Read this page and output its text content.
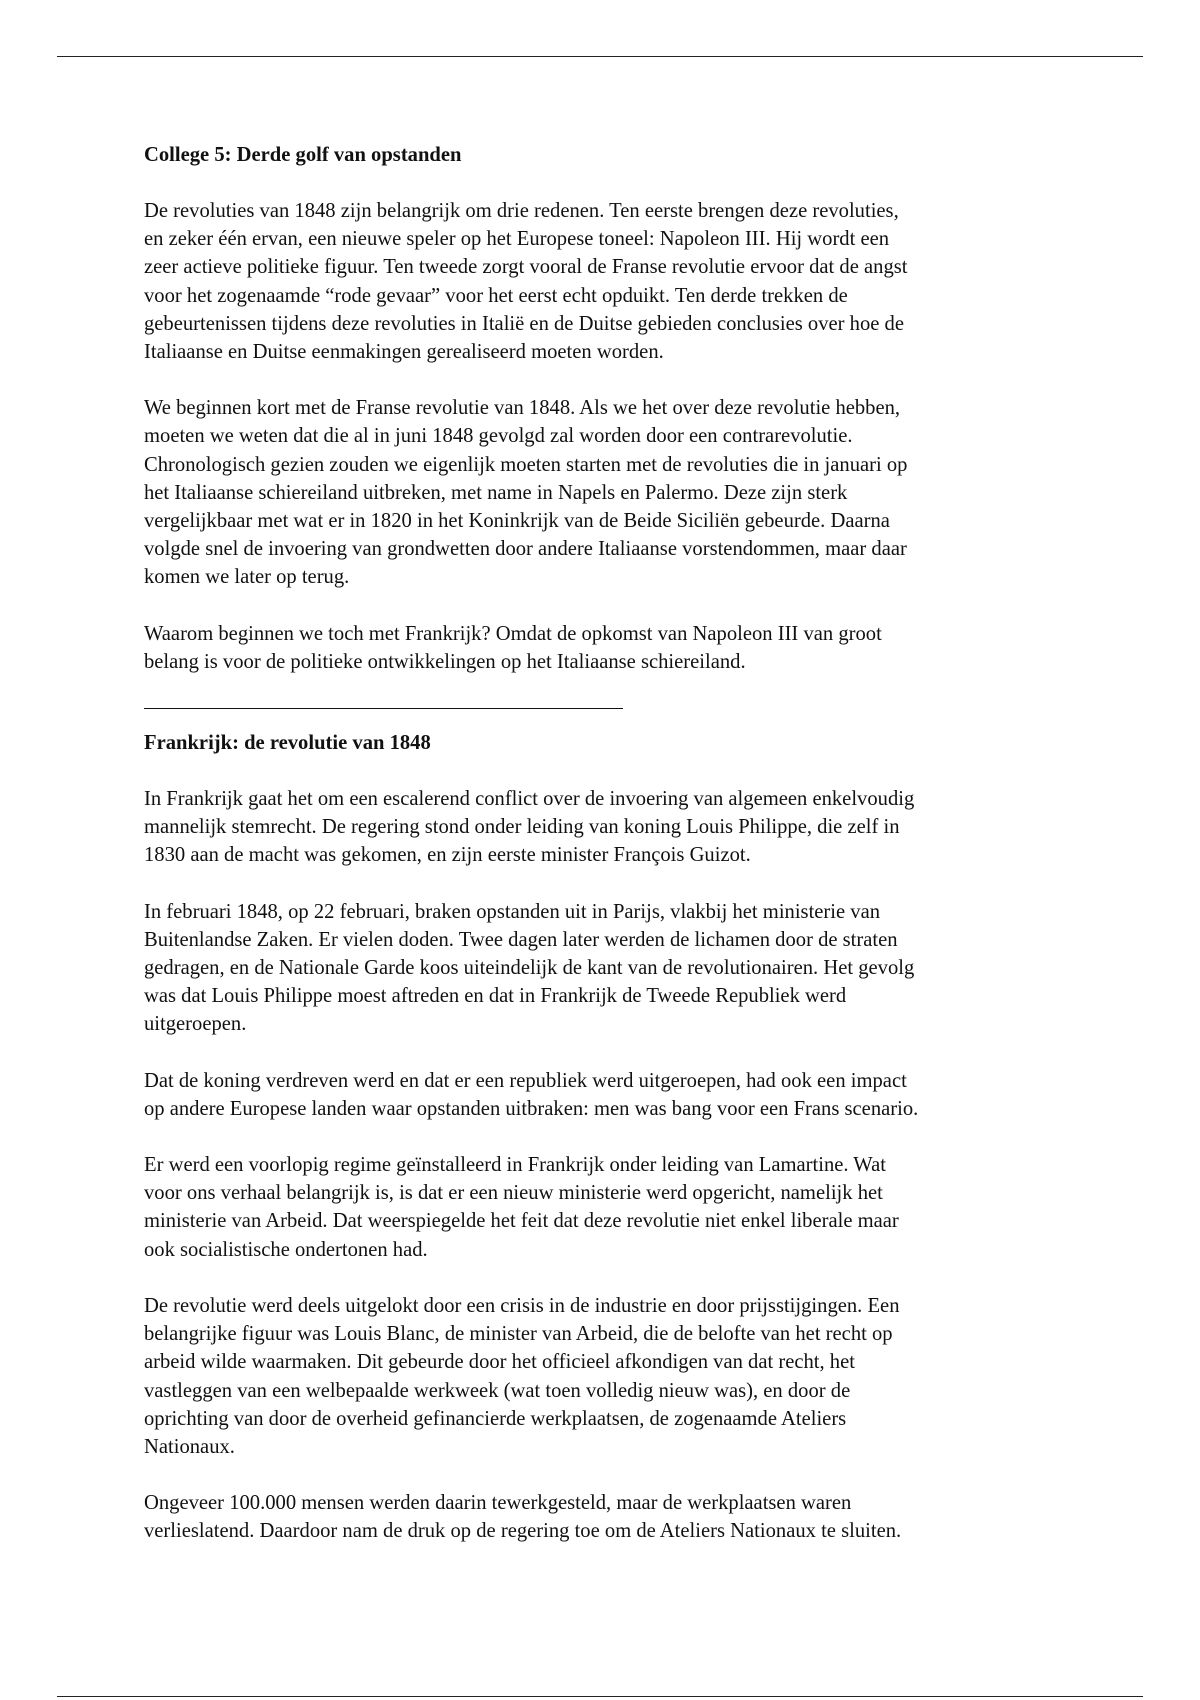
College 5: Derde golf van opstanden

De revoluties van 1848 zijn belangrijk om drie redenen. Ten eerste brengen deze revoluties,
en zeker één ervan, een nieuwe speler op het Europese toneel: Napoleon III. Hij wordt een
zeer actieve politieke figuur. Ten tweede zorgt vooral de Franse revolutie ervoor dat de angst
voor het zogenaamde “rode gevaar” voor het eerst echt opduikt. Ten derde trekken de
gebeurtenissen tijdens deze revoluties in Italië en de Duitse gebieden conclusies over hoe de
Italiaanse en Duitse eenmakingen gerealiseerd moeten worden.

We beginnen kort met de Franse revolutie van 1848. Als we het over deze revolutie hebben,
moeten we weten dat die al in juni 1848 gevolgd zal worden door een contrarevolutie.
Chronologisch gezien zouden we eigenlijk moeten starten met de revoluties die in januari op
het Italiaanse schiereiland uitbreken, met name in Napels en Palermo. Deze zijn sterk
vergelijkbaar met wat er in 1820 in het Koninkrijk van de Beide Siciliën gebeurde. Daarna
volgde snel de invoering van grondwetten door andere Italiaanse vorstendommen, maar daar
komen we later op terug.

Waarom beginnen we toch met Frankrijk? Omdat de opkomst van Napoleon III van groot
belang is voor de politieke ontwikkelingen op het Italiaanse schiereiland.

Frankrijk: de revolutie van 1848

In Frankrijk gaat het om een escalerend conflict over de invoering van algemeen enkelvoudig
mannelijk stemrecht. De regering stond onder leiding van koning Louis Philippe, die zelf in
1830 aan de macht was gekomen, en zijn eerste minister François Guizot.

In februari 1848, op 22 februari, braken opstanden uit in Parijs, vlakbij het ministerie van
Buitenlandse Zaken. Er vielen doden. Twee dagen later werden de lichamen door de straten
gedragen, en de Nationale Garde koos uiteindelijk de kant van de revolutionairen. Het gevolg
was dat Louis Philippe moest aftreden en dat in Frankrijk de Tweede Republiek werd
uitgeroepen.

Dat de koning verdreven werd en dat er een republiek werd uitgeroepen, had ook een impact
op andere Europese landen waar opstanden uitbraken: men was bang voor een Frans scenario.

Er werd een voorlopig regime geïnstalleerd in Frankrijk onder leiding van Lamartine. Wat
voor ons verhaal belangrijk is, is dat er een nieuw ministerie werd opgericht, namelijk het
ministerie van Arbeid. Dat weerspiegelde het feit dat deze revolutie niet enkel liberale maar
ook socialistische ondertonen had.

De revolutie werd deels uitgelokt door een crisis in de industrie en door prijsstijgingen. Een
belangrijke figuur was Louis Blanc, de minister van Arbeid, die de belofte van het recht op
arbeid wilde waarmaken. Dit gebeurde door het officieel afkondigen van dat recht, het
vastleggen van een welbepaalde werkweek (wat toen volledig nieuw was), en door de
oprichting van door de overheid gefinancierde werkplaatsen, de zogenaamde Ateliers
Nationaux.

Ongeveer 100.000 mensen werden daarin tewerkgesteld, maar de werkplaatsen waren
verlieslatend. Daardoor nam de druk op de regering toe om de Ateliers Nationaux te sluiten.
